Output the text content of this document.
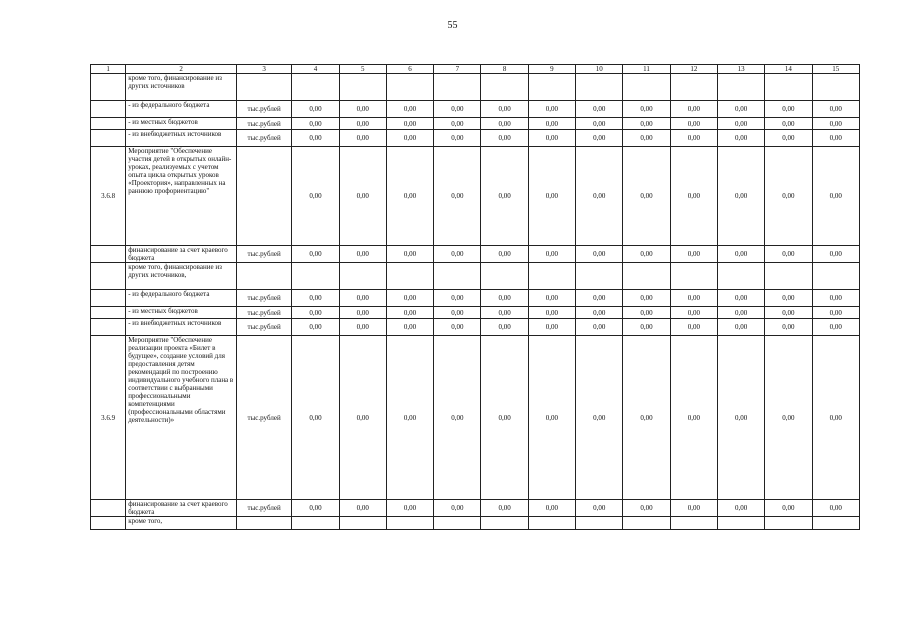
55
1	2	3	4	5	6	7	8	9	10	11	12	13	14	15
	кроме того, финансирование из других источников													
	- из федерального бюджета	тыс.рублей	0,00	0,00	0,00	0,00	0,00	0,00	0,00	0,00	0,00	0,00	0,00	0,00
	- из местных бюджетов	тыс.рублей	0,00	0,00	0,00	0,00	0,00	0,00	0,00	0,00	0,00	0,00	0,00	0,00
	- из внебюджетных источников	тыс.рублей	0,00	0,00	0,00	0,00	0,00	0,00	0,00	0,00	0,00	0,00	0,00	0,00
3.6.8	Мероприятие "Обеспечение участия детей в открытых онлайн-уроках, реализуемых с учетом опыта цикла открытых уроков «Проектория», направленных на раннюю профориентацию"		0,00	0,00	0,00	0,00	0,00	0,00	0,00	0,00	0,00	0,00	0,00	0,00
	финансирование за счет краевого бюджета	тыс.рублей	0,00	0,00	0,00	0,00	0,00	0,00	0,00	0,00	0,00	0,00	0,00	0,00
	кроме того, финансирование из других источников,													
	- из федерального бюджета	тыс.рублей	0,00	0,00	0,00	0,00	0,00	0,00	0,00	0,00	0,00	0,00	0,00	0,00
	- из местных бюджетов	тыс.рублей	0,00	0,00	0,00	0,00	0,00	0,00	0,00	0,00	0,00	0,00	0,00	0,00
	- из внебюджетных источников	тыс.рублей	0,00	0,00	0,00	0,00	0,00	0,00	0,00	0,00	0,00	0,00	0,00	0,00
3.6.9	Мероприятие "Обеспечение реализации проекта «Билет в будущее», создание условий для предоставления детям рекомендаций по построению индивидуального учебного плана в соответствии с выбранными профессиональными компетенциями (профессиональными областями деятельности)»	тыс.рублей	0,00	0,00	0,00	0,00	0,00	0,00	0,00	0,00	0,00	0,00	0,00	0,00
	финансирование за счет краевого бюджета	тыс.рублей	0,00	0,00	0,00	0,00	0,00	0,00	0,00	0,00	0,00	0,00	0,00	0,00
	кроме того,													
